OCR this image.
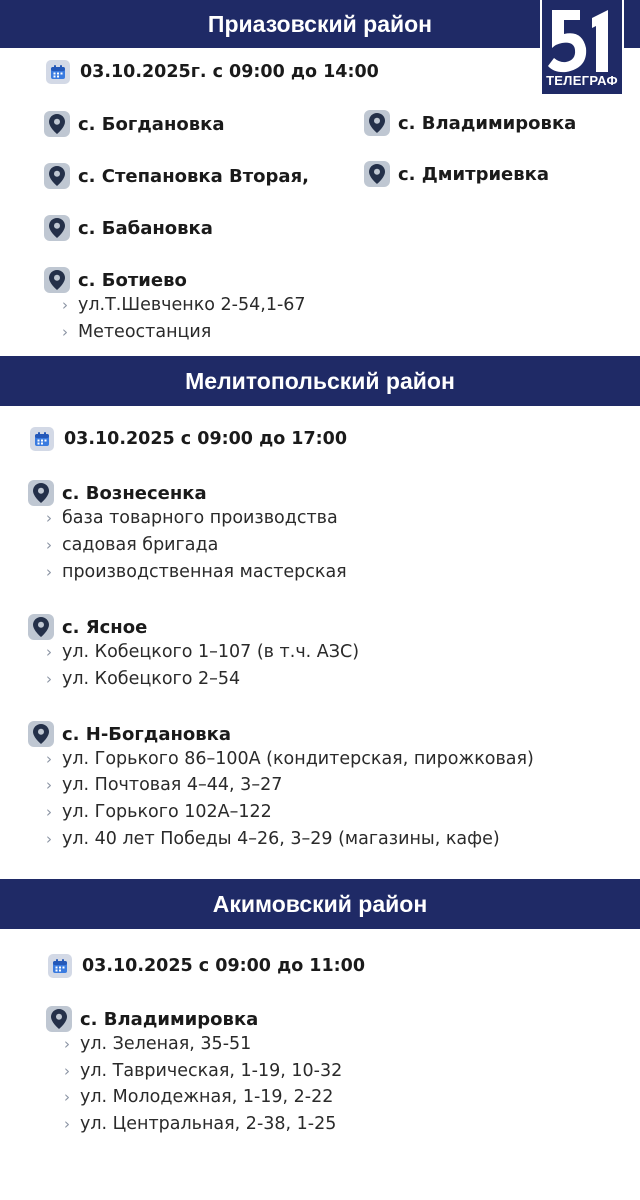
Приазовский район
ТЕЛЕГРАФ
03.10.2025г. с 09:00 до 14:00
с. Богдановка	с. Владимировка
с. Степановка Вторая,	с. Дмитриевка
с. Бабановка
с. Ботиево
› ул.Т.Шевченко 2-54,1-67
› Метеостанция
Мелитопольский район
03.10.2025 с 09:00 до 17:00
с. Вознесенка
› база товарного производства
› садовая бригада
› производственная мастерская
с. Ясное
› ул. Кобецкого 1–107 (в т.ч. АЗС)
› ул. Кобецкого 2–54
с. Н-Богдановка
› ул. Горького 86–100А (кондитерская, пирожковая)
› ул. Почтовая 4–44, 3–27
› ул. Горького 102А–122
› ул. 40 лет Победы 4–26, 3–29 (магазины, кафе)
Акимовский район
03.10.2025 с 09:00 до 11:00
с. Владимировка
› ул. Зеленая, 35-51
› ул. Таврическая, 1-19, 10-32
› ул. Молодежная, 1-19, 2-22
› ул. Центральная, 2-38, 1-25
